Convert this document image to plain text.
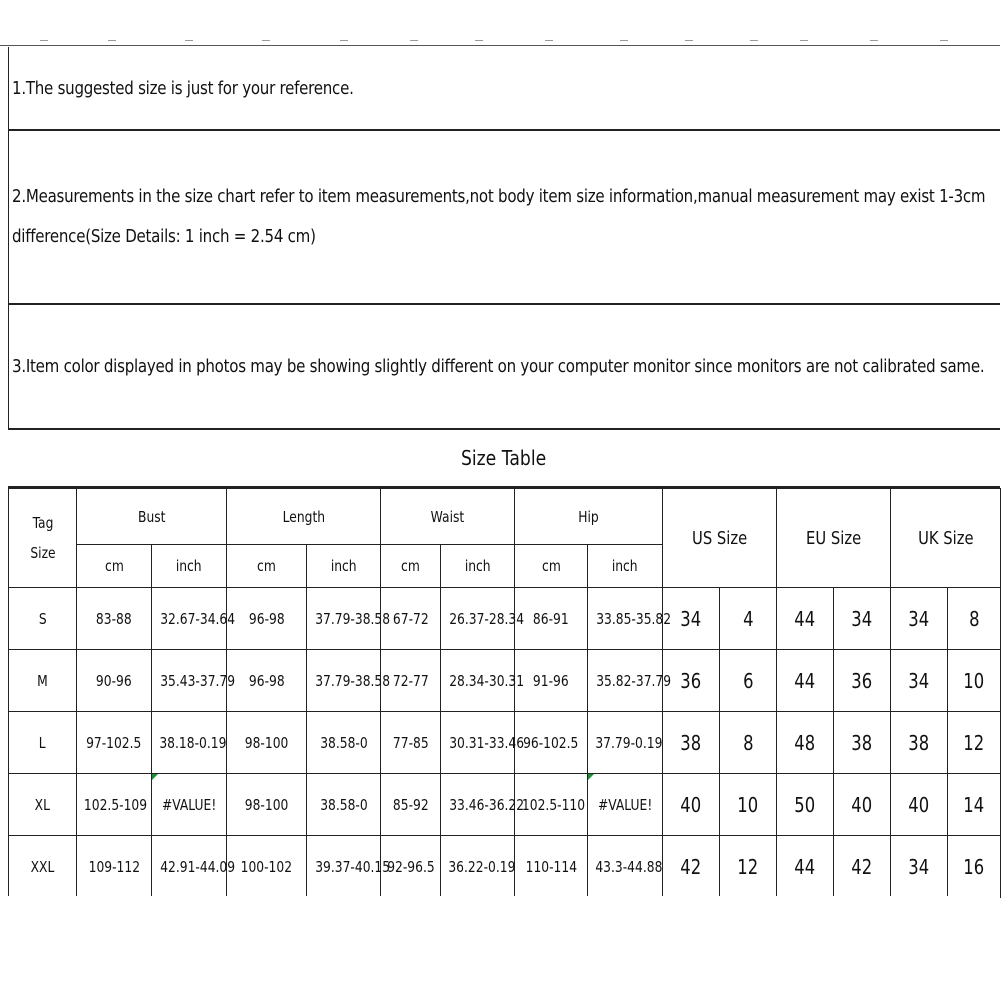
1.The suggested size is just for your reference.
2.Measurements in the size chart refer to item measurements,not body item size information,manual measurement may exist 1-3cm difference(Size Details: 1 inch = 2.54 cm)
3.Item color displayed in photos may be showing slightly different on your computer monitor since monitors are not calibrated same.
Size Table
Tag Size	Bust		Length		Waist		Hip		US Size		EU Size		UK Size	
	cm	inch	cm	inch	cm	inch	cm	inch						
S	83-88	32.67-34.64	96-98	37.79-38.58	67-72	26.37-28.34	86-91	33.85-35.82	34	4	44	34	34	8
M	90-96	35.43-37.79	96-98	37.79-38.58	72-77	28.34-30.31	91-96	35.82-37.79	36	6	44	36	34	10
L	97-102.5	38.18-0.19	98-100	38.58-0	77-85	30.31-33.46	96-102.5	37.79-0.19	38	8	48	38	38	12
XL	102.5-109	#VALUE!	98-100	38.58-0	85-92	33.46-36.22	102.5-110	#VALUE!	40	10	50	40	40	14
XXL	109-112	42.91-44.09	100-102	39.37-40.15	92-96.5	36.22-0.19	110-114	43.3-44.88	42	12	44	42	34	16
